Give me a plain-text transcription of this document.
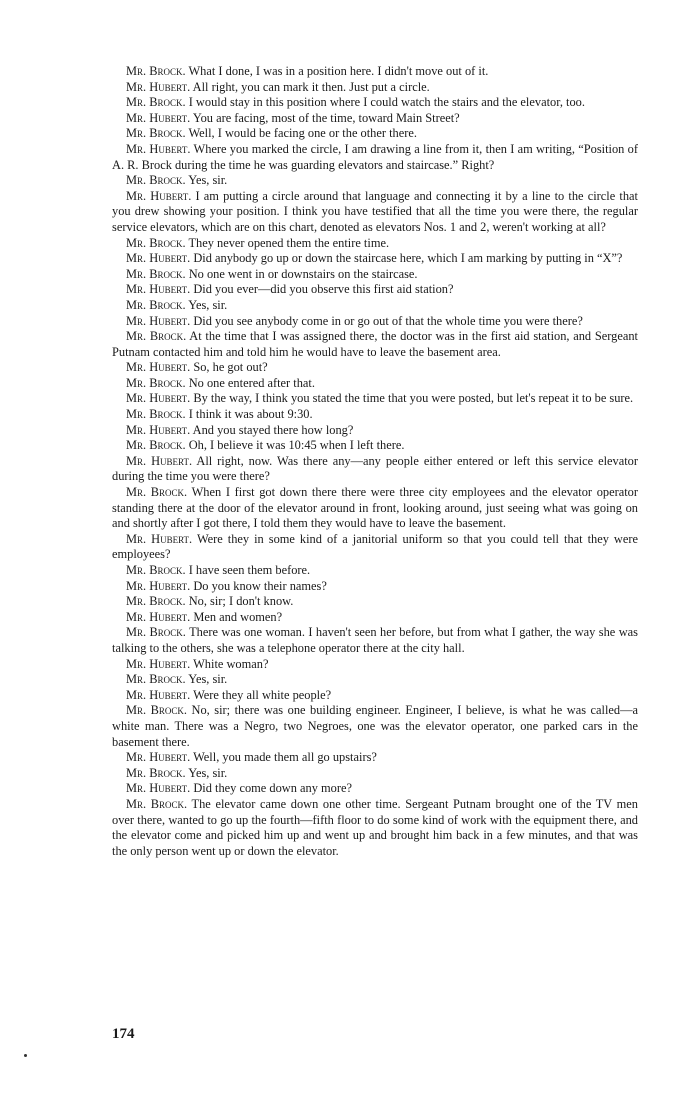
Mr. Brock. What I done, I was in a position here. I didn't move out of it.

Mr. Hubert. All right, you can mark it then. Just put a circle.

Mr. Brock. I would stay in this position where I could watch the stairs and the elevator, too.

Mr. Hubert. You are facing, most of the time, toward Main Street?

Mr. Brock. Well, I would be facing one or the other there.

Mr. Hubert. Where you marked the circle, I am drawing a line from it, then I am writing, “Position of A. R. Brock during the time he was guarding elevators and staircase.” Right?

Mr. Brock. Yes, sir.

Mr. Hubert. I am putting a circle around that language and connecting it by a line to the circle that you drew showing your position. I think you have testified that all the time you were there, the regular service elevators, which are on this chart, denoted as elevators Nos. 1 and 2, weren't working at all?

Mr. Brock. They never opened them the entire time.

Mr. Hubert. Did anybody go up or down the staircase here, which I am marking by putting in “X”?

Mr. Brock. No one went in or downstairs on the staircase.

Mr. Hubert. Did you ever—did you observe this first aid station?

Mr. Brock. Yes, sir.

Mr. Hubert. Did you see anybody come in or go out of that the whole time you were there?

Mr. Brock. At the time that I was assigned there, the doctor was in the first aid station, and Sergeant Putnam contacted him and told him he would have to leave the basement area.

Mr. Hubert. So, he got out?

Mr. Brock. No one entered after that.

Mr. Hubert. By the way, I think you stated the time that you were posted, but let's repeat it to be sure.

Mr. Brock. I think it was about 9:30.

Mr. Hubert. And you stayed there how long?

Mr. Brock. Oh, I believe it was 10:45 when I left there.

Mr. Hubert. All right, now. Was there any—any people either entered or left this service elevator during the time you were there?

Mr. Brock. When I first got down there there were three city employees and the elevator operator standing there at the door of the elevator around in front, looking around, just seeing what was going on and shortly after I got there, I told them they would have to leave the basement.

Mr. Hubert. Were they in some kind of a janitorial uniform so that you could tell that they were employees?

Mr. Brock. I have seen them before.

Mr. Hubert. Do you know their names?

Mr. Brock. No, sir; I don't know.

Mr. Hubert. Men and women?

Mr. Brock. There was one woman. I haven't seen her before, but from what I gather, the way she was talking to the others, she was a telephone operator there at the city hall.

Mr. Hubert. White woman?

Mr. Brock. Yes, sir.

Mr. Hubert. Were they all white people?

Mr. Brock. No, sir; there was one building engineer. Engineer, I believe, is what he was called—a white man. There was a Negro, two Negroes, one was the elevator operator, one parked cars in the basement there.

Mr. Hubert. Well, you made them all go upstairs?

Mr. Brock. Yes, sir.

Mr. Hubert. Did they come down any more?

Mr. Brock. The elevator came down one other time. Sergeant Putnam brought one of the TV men over there, wanted to go up the fourth—fifth floor to do some kind of work with the equipment there, and the elevator come and picked him up and went up and brought him back in a few minutes, and that was the only person went up or down the elevator.

174
